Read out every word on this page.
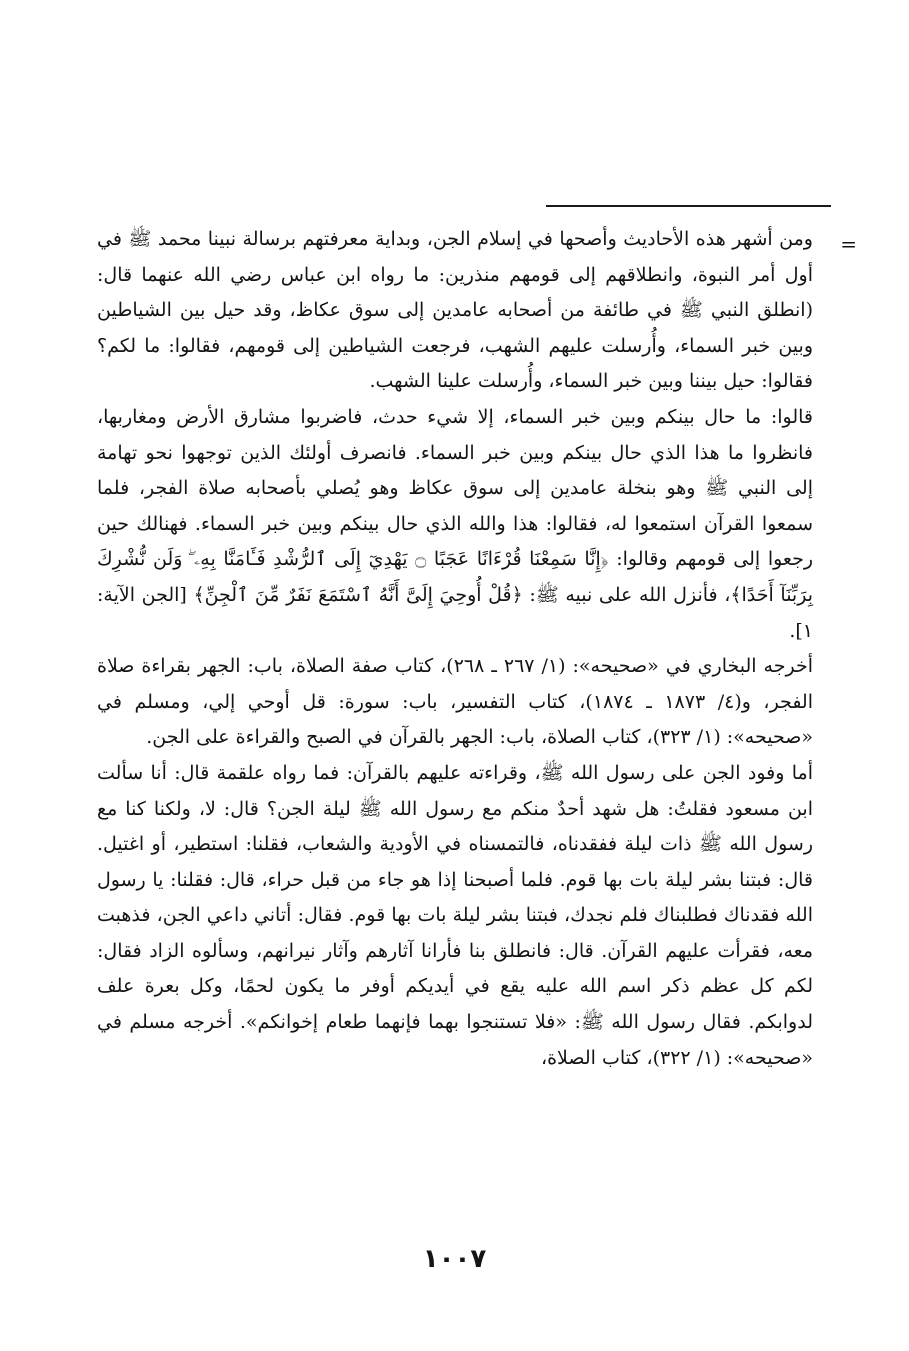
=

ومن أشهر هذه الأحاديث وأصحها في إسلام الجن، وبداية معرفتهم برسالة نبينا محمد ﷺ في أول أمر النبوة، وانطلاقهم إلى قومهم منذرين: ما رواه ابن عباس رضي الله عنهما قال: (انطلق النبي ﷺ في طائفة من أصحابه عامدين إلى سوق عكاظ، وقد حيل بين الشياطين وبين خبر السماء، وأُرسلت عليهم الشهب، فرجعت الشياطين إلى قومهم، فقالوا: ما لكم؟ فقالوا: حيل بيننا وبين خبر السماء، وأُرسلت علينا الشهب.

قالوا: ما حال بينكم وبين خبر السماء، إلا شيء حدث، فاضربوا مشارق الأرض ومغاربها، فانظروا ما هذا الذي حال بينكم وبين خبر السماء. فانصرف أولئك الذين توجهوا نحو تهامة إلى النبي ﷺ وهو بنخلة عامدين إلى سوق عكاظ وهو يُصلي بأصحابه صلاة الفجر، فلما سمعوا القرآن استمعوا له، فقالوا: هذا والله الذي حال بينكم وبين خبر السماء. فهنالك حين رجعوا إلى قومهم وقالوا: ﴿إِنَّا سَمِعْنَا قُرْءَانًا عَجَبًا ۝ يَهْدِيٓ إِلَى ٱلرُّشْدِ فَـَٔامَنَّا بِهِۦ ۖ وَلَن نُّشْرِكَ بِرَبِّنَآ أَحَدًا﴾، فأنزل الله على نبيه ﷺ: ﴿قُلْ أُوحِيَ إِلَىَّ أَنَّهُ ٱسْتَمَعَ نَفَرٌ مِّنَ ٱلْجِنِّ﴾ [الجن الآية: ١].

أخرجه البخاري في «صحيحه»: (١/ ٢٦٧ ـ ٢٦٨)، كتاب صفة الصلاة، باب: الجهر بقراءة صلاة الفجر، و(٤/ ١٨٧٣ ـ ١٨٧٤)، كتاب التفسير، باب: سورة: قل أوحي إلي، ومسلم في «صحيحه»: (١/ ٣٢٣)، كتاب الصلاة، باب: الجهر بالقرآن في الصبح والقراءة على الجن.

أما وفود الجن على رسول الله ﷺ، وقراءته عليهم بالقرآن: فما رواه علقمة قال: أنا سألت ابن مسعود فقلتُ: هل شهد أحدٌ منكم مع رسول الله ﷺ ليلة الجن؟ قال: لا، ولكنا كنا مع رسول الله ﷺ ذات ليلة ففقدناه، فالتمسناه في الأودية والشعاب، فقلنا: استطير، أو اغتيل. قال: فبتنا بشر ليلة بات بها قوم. فلما أصبحنا إذا هو جاء من قبل حراء، قال: فقلنا: يا رسول الله فقدناك فطلبناك فلم نجدك، فبتنا بشر ليلة بات بها قوم. فقال: أتاني داعي الجن، فذهبت معه، فقرأت عليهم القرآن. قال: فانطلق بنا فأرانا آثارهم وآثار نيرانهم، وسألوه الزاد فقال: لكم كل عظم ذكر اسم الله عليه يقع في أيديكم أوفر ما يكون لحمًا، وكل بعرة علف لدوابكم. فقال رسول الله ﷺ: «فلا تستنجوا بهما فإنهما طعام إخوانكم». أخرجه مسلم في «صحيحه»: (١/ ٣٢٢)، كتاب الصلاة،

١٠٠٧
